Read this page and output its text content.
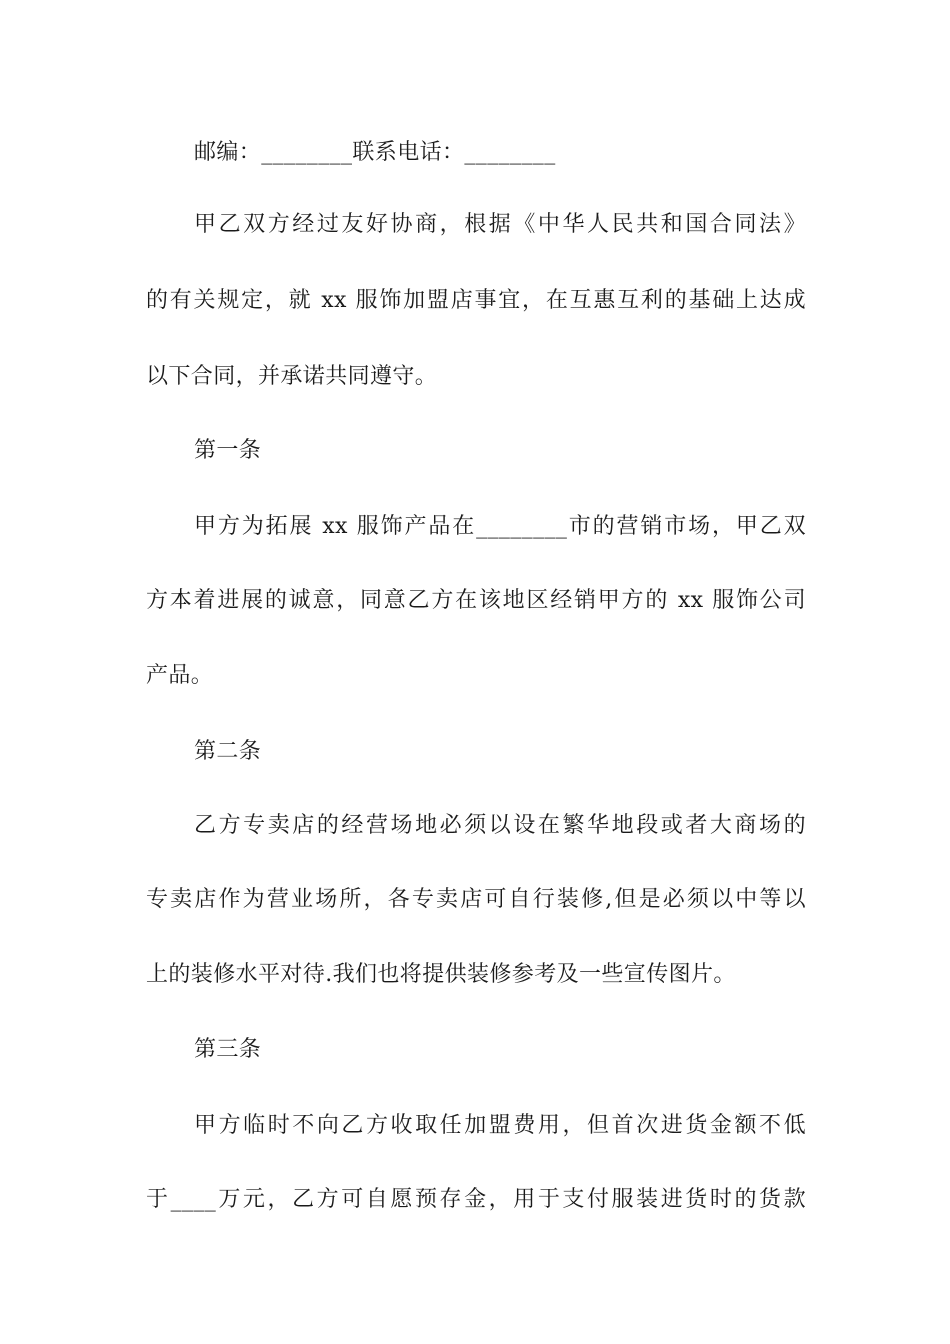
邮编：________联系电话：________
甲乙双方经过友好协商，根据《中华人民共和国合同法》
的有关规定，就 xx 服饰加盟店事宜，在互惠互利的基础上达成
以下合同，并承诺共同遵守。
第一条
甲方为拓展 xx 服饰产品在________市的营销市场，甲乙双
方本着进展的诚意，同意乙方在该地区经销甲方的 xx 服饰公司
产品。
第二条
乙方专卖店的经营场地必须以设在繁华地段或者大商场的
专卖店作为营业场所，各专卖店可自行装修,但是必须以中等以
上的装修水平对待.我们也将提供装修参考及一些宣传图片。
第三条
甲方临时不向乙方收取任加盟费用，但首次进货金额不低
于____万元，乙方可自愿预存金，用于支付服装进货时的货款
